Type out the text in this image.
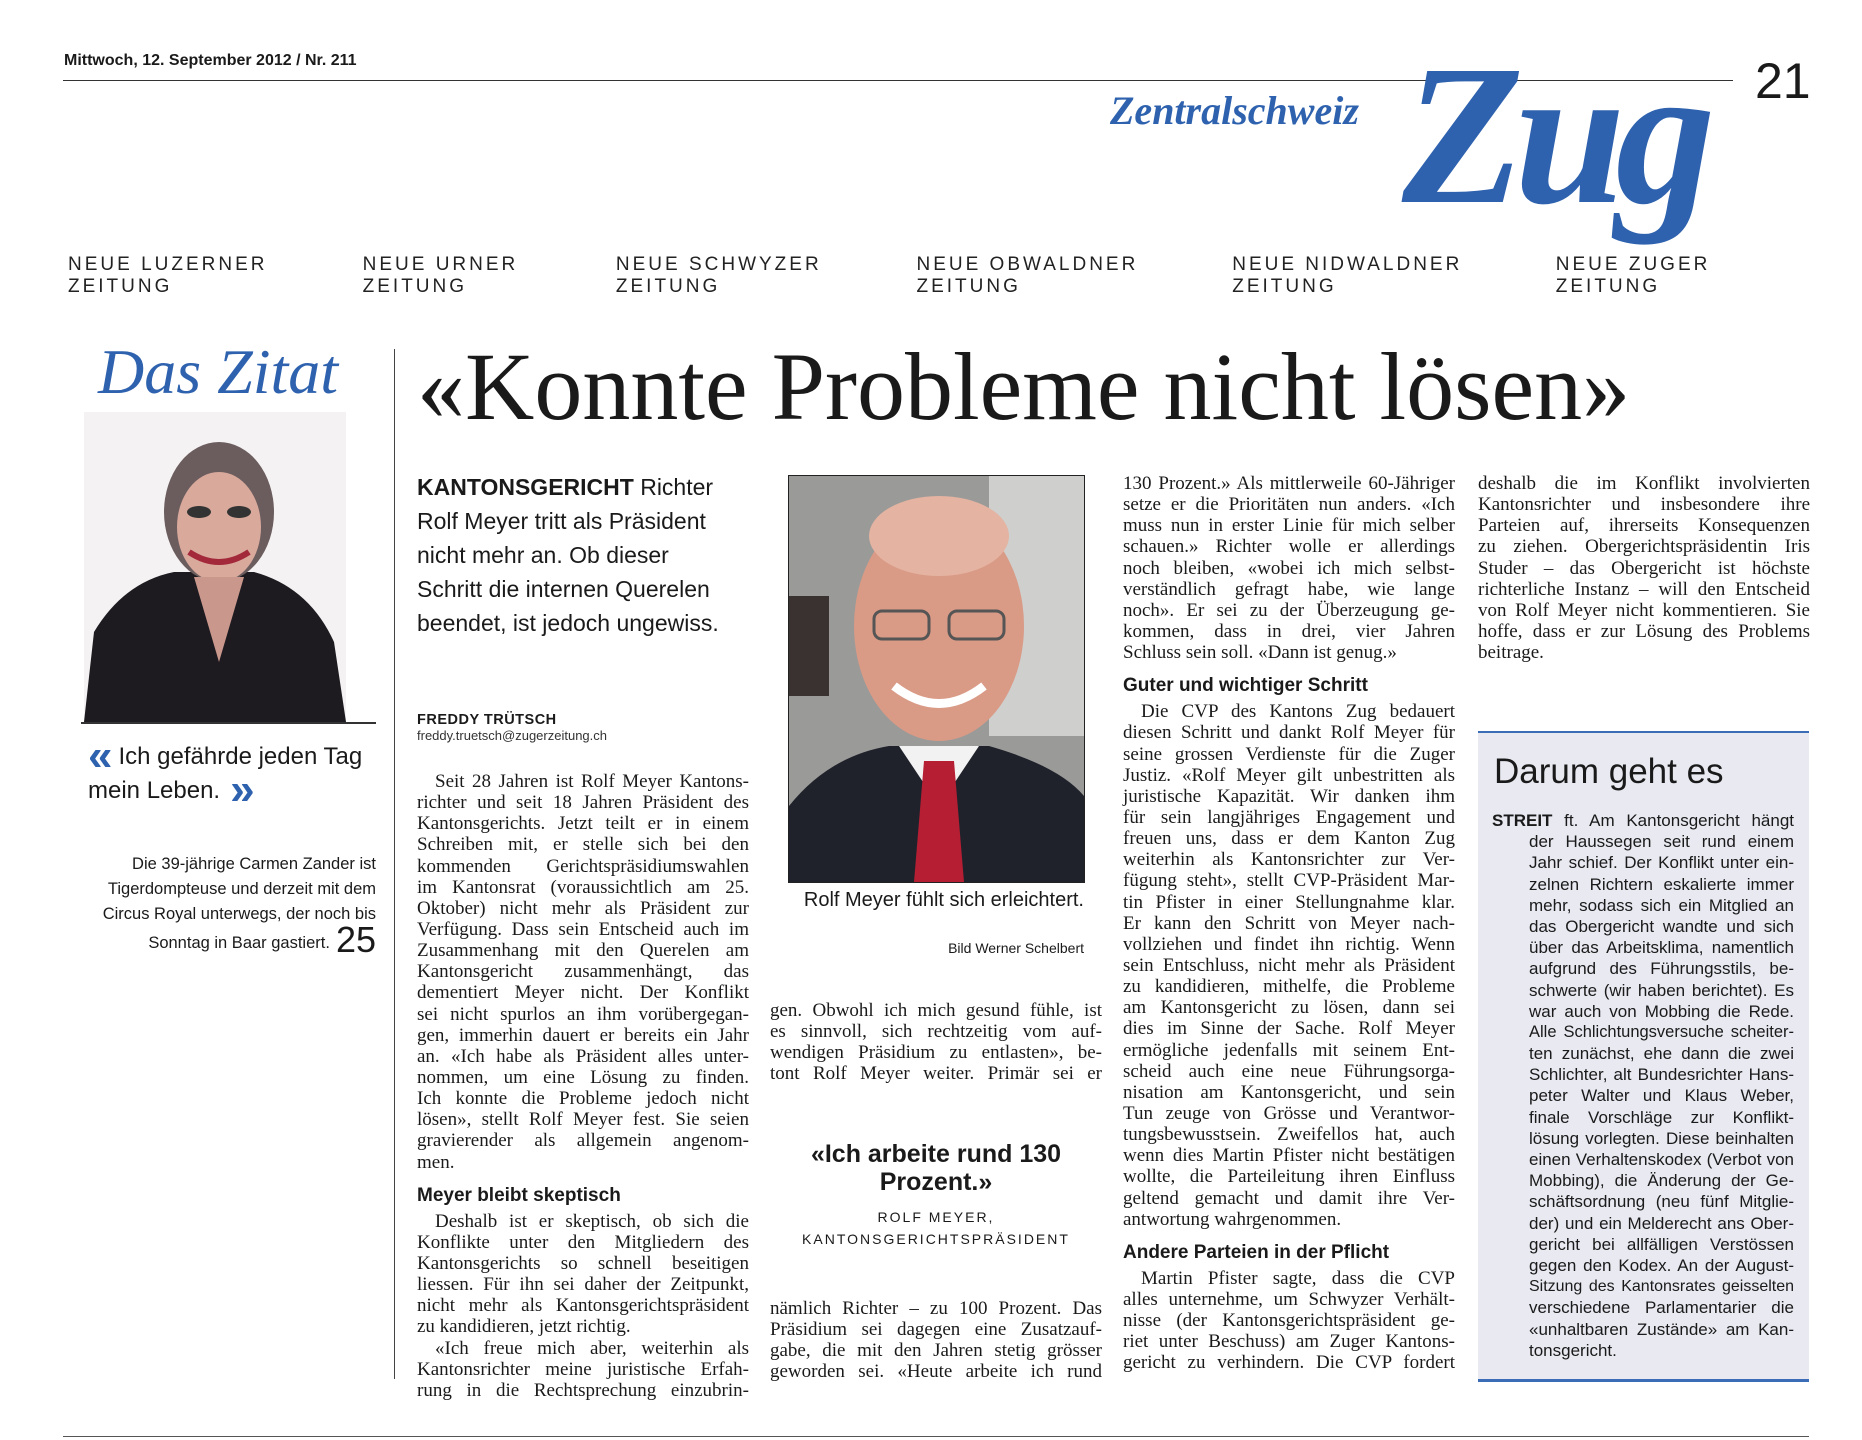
Mittwoch, 12. September 2012 / Nr. 211	21
Zug
Zentralschweiz
NEUE LUZERNER ZEITUNG
NEUE URNER ZEITUNG
NEUE SCHWYZER ZEITUNG
NEUE OBWALDNER ZEITUNG
NEUE NIDWALDNER ZEITUNG
NEUE ZUGER ZEITUNG
Das Zitat
« Ich gefährde jeden Tag mein Leben. »
Die 39-jährige Carmen Zander ist Tigerdompteuse und derzeit mit dem Circus Royal unterwegs, der noch bis Sonntag in Baar gastiert. 25
«Konnte Probleme nicht lösen»
KANTONSGERICHT Richter
Rolf Meyer tritt als Präsident
nicht mehr an. Ob dieser
Schritt die internen Querelen
beendet, ist jedoch ungewiss.
FREDDY TRÜTSCH
freddy.truetsch@zugerzeitung.ch
Seit 28 Jahren ist Rolf Meyer Kantons-
richter und seit 18 Jahren Präsident des
Kantonsgerichts. Jetzt teilt er in einem
Schreiben mit, er stelle sich bei den
kommenden Gerichtspräsidiumswahlen
im Kantonsrat (voraussichtlich am 25.
Oktober) nicht mehr als Präsident zur
Verfügung. Dass sein Entscheid auch im
Zusammenhang mit den Querelen am
Kantonsgericht zusammenhängt, das
dementiert Meyer nicht. Der Konflikt
sei nicht spurlos an ihm vorübergegan-
gen, immerhin dauert er bereits ein Jahr
an. «Ich habe als Präsident alles unter-
nommen, um eine Lösung zu finden.
Ich konnte die Probleme jedoch nicht
lösen», stellt Rolf Meyer fest. Sie seien
gravierender als allgemein angenom-
men.
Meyer bleibt skeptisch
Deshalb ist er skeptisch, ob sich die
Konflikte unter den Mitgliedern des
Kantonsgerichts so schnell beseitigen
liessen. Für ihn sei daher der Zeitpunkt,
nicht mehr als Kantonsgerichtspräsident
zu kandidieren, jetzt richtig.
«Ich freue mich aber, weiterhin als
Kantonsrichter meine juristische Erfah-
rung in die Rechtsprechung einzubrin-
Rolf Meyer fühlt sich erleichtert.
Bild Werner Schelbert
gen. Obwohl ich mich gesund fühle, ist
es sinnvoll, sich rechtzeitig vom auf-
wendigen Präsidium zu entlasten», be-
tont Rolf Meyer weiter. Primär sei er
«Ich arbeite rund 130 Prozent.»
ROLF MEYER,
KANTONSGERICHTSPRÄSIDENT
nämlich Richter – zu 100 Prozent. Das
Präsidium sei dagegen eine Zusatzauf-
gabe, die mit den Jahren stetig grösser
geworden sei. «Heute arbeite ich rund
130 Prozent.» Als mittlerweile 60-Jähriger
setze er die Prioritäten nun anders. «Ich
muss nun in erster Linie für mich selber
schauen.» Richter wolle er allerdings
noch bleiben, «wobei ich mich selbst-
verständlich gefragt habe, wie lange
noch». Er sei zu der Überzeugung ge-
kommen, dass in drei, vier Jahren
Schluss sein soll. «Dann ist genug.»
Guter und wichtiger Schritt
Die CVP des Kantons Zug bedauert
diesen Schritt und dankt Rolf Meyer für
seine grossen Verdienste für die Zuger
Justiz. «Rolf Meyer gilt unbestritten als
juristische Kapazität. Wir danken ihm
für sein langjähriges Engagement und
freuen uns, dass er dem Kanton Zug
weiterhin als Kantonsrichter zur Ver-
fügung steht», stellt CVP-Präsident Mar-
tin Pfister in einer Stellungnahme klar.
Er kann den Schritt von Meyer nach-
vollziehen und findet ihn richtig. Wenn
sein Entschluss, nicht mehr als Präsident
zu kandidieren, mithelfe, die Probleme
am Kantonsgericht zu lösen, dann sei
dies im Sinne der Sache. Rolf Meyer
ermögliche jedenfalls mit seinem Ent-
scheid auch eine neue Führungsorga-
nisation am Kantonsgericht, und sein
Tun zeuge von Grösse und Verantwor-
tungsbewusstsein. Zweifellos hat, auch
wenn dies Martin Pfister nicht bestätigen
wollte, die Parteileitung ihren Einfluss
geltend gemacht und damit ihre Ver-
antwortung wahrgenommen.
Andere Parteien in der Pflicht
Martin Pfister sagte, dass die CVP
alles unternehme, um Schwyzer Verhält-
nisse (der Kantonsgerichtspräsident ge-
riet unter Beschuss) am Zuger Kantons-
gericht zu verhindern. Die CVP fordert
deshalb die im Konflikt involvierten
Kantonsrichter und insbesondere ihre
Parteien auf, ihrerseits Konsequenzen
zu ziehen. Obergerichtspräsidentin Iris
Studer – das Obergericht ist höchste
richterliche Instanz – will den Entscheid
von Rolf Meyer nicht kommentieren. Sie
hoffe, dass er zur Lösung des Problems
beitrage.
Darum geht es
STREIT ft. Am Kantonsgericht hängt
der Haussegen seit rund einem
Jahr schief. Der Konflikt unter ein-
zelnen Richtern eskalierte immer
mehr, sodass sich ein Mitglied an
das Obergericht wandte und sich
über das Arbeitsklima, namentlich
aufgrund des Führungsstils, be-
schwerte (wir haben berichtet). Es
war auch von Mobbing die Rede.
Alle Schlichtungsversuche scheiter-
ten zunächst, ehe dann die zwei
Schlichter, alt Bundesrichter Hans-
peter Walter und Klaus Weber,
finale Vorschläge zur Konflikt-
lösung vorlegten. Diese beinhalten
einen Verhaltenskodex (Verbot von
Mobbing), die Änderung der Ge-
schäftsordnung (neu fünf Mitglie-
der) und ein Melderecht ans Ober-
gericht bei allfälligen Verstössen
gegen den Kodex. An der August-
Sitzung des Kantonsrates geisselten
verschiedene Parlamentarier die
«unhaltbaren Zustände» am Kan-
tonsgericht.
